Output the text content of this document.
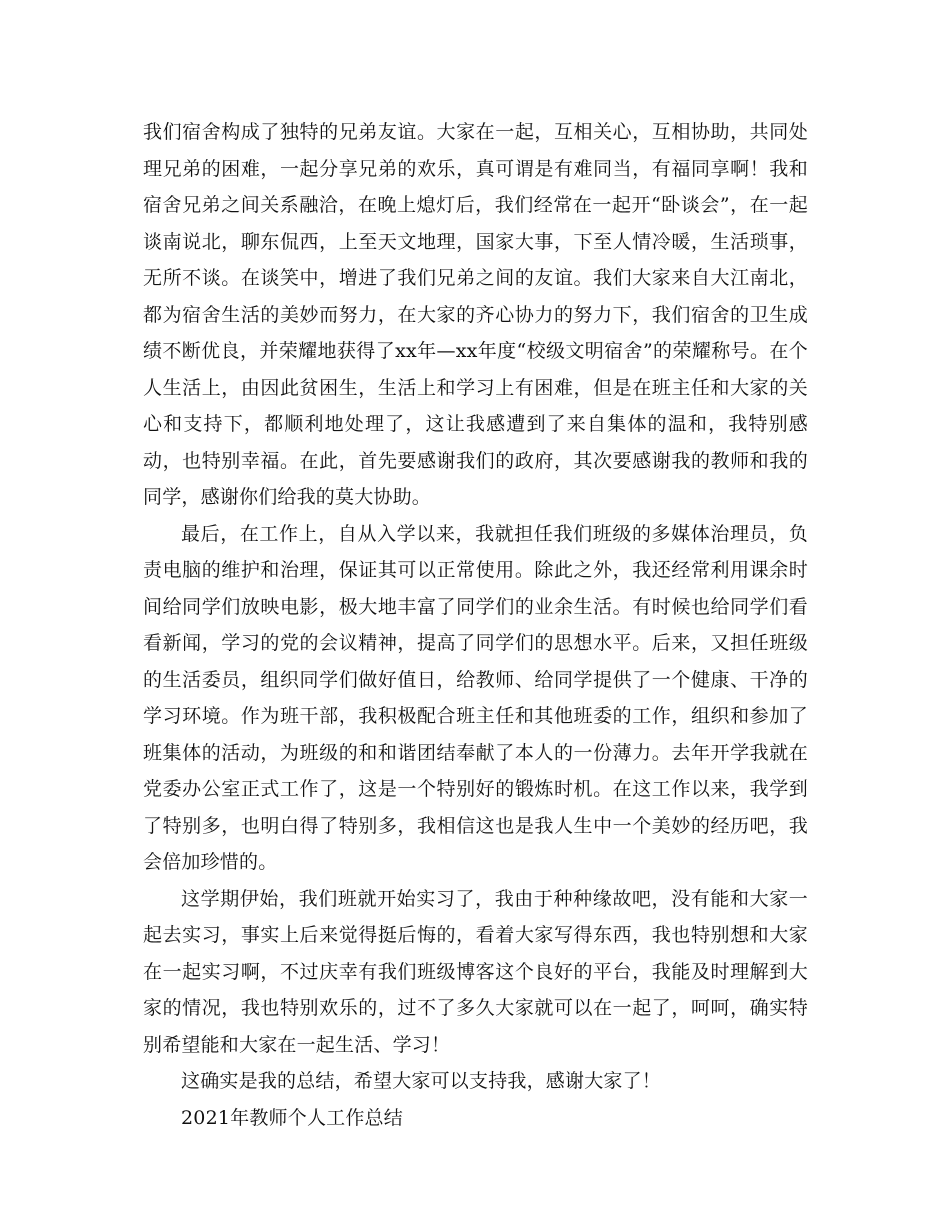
我们宿舍构成了独特的兄弟友谊。大家在一起，互相关心，互相协助，共同处理兄弟的困难，一起分享兄弟的欢乐，真可谓是有难同当，有福同享啊！我和宿舍兄弟之间关系融洽，在晚上熄灯后，我们经常在一起开“卧谈会”，在一起谈南说北，聊东侃西，上至天文地理，国家大事，下至人情冷暖，生活琐事，无所不谈。在谈笑中，增进了我们兄弟之间的友谊。我们大家来自大江南北，都为宿舍生活的美妙而努力，在大家的齐心协力的努力下，我们宿舍的卫生成绩不断优良，并荣耀地获得了xx年—xx年度“校级文明宿舍”的荣耀称号。在个人生活上，由因此贫困生，生活上和学习上有困难，但是在班主任和大家的关心和支持下，都顺利地处理了，这让我感遭到了来自集体的温和，我特别感动，也特别幸福。在此，首先要感谢我们的政府，其次要感谢我的教师和我的同学，感谢你们给我的莫大协助。

最后，在工作上，自从入学以来，我就担任我们班级的多媒体治理员，负责电脑的维护和治理，保证其可以正常使用。除此之外，我还经常利用课余时间给同学们放映电影，极大地丰富了同学们的业余生活。有时候也给同学们看看新闻，学习的党的会议精神，提高了同学们的思想水平。后来，又担任班级的生活委员，组织同学们做好值日，给教师、给同学提供了一个健康、干净的学习环境。作为班干部，我积极配合班主任和其他班委的工作，组织和参加了班集体的活动，为班级的和和谐团结奉献了本人的一份薄力。去年开学我就在党委办公室正式工作了，这是一个特别好的锻炼时机。在这工作以来，我学到了特别多，也明白得了特别多，我相信这也是我人生中一个美妙的经历吧，我会倍加珍惜的。

这学期伊始，我们班就开始实习了，我由于种种缘故吧，没有能和大家一起去实习，事实上后来觉得挺后悔的，看着大家写得东西，我也特别想和大家在一起实习啊，不过庆幸有我们班级博客这个良好的平台，我能及时理解到大家的情况，我也特别欢乐的，过不了多久大家就可以在一起了，呵呵，确实特别希望能和大家在一起生活、学习！

这确实是我的总结，希望大家可以支持我，感谢大家了！

2021年教师个人工作总结
